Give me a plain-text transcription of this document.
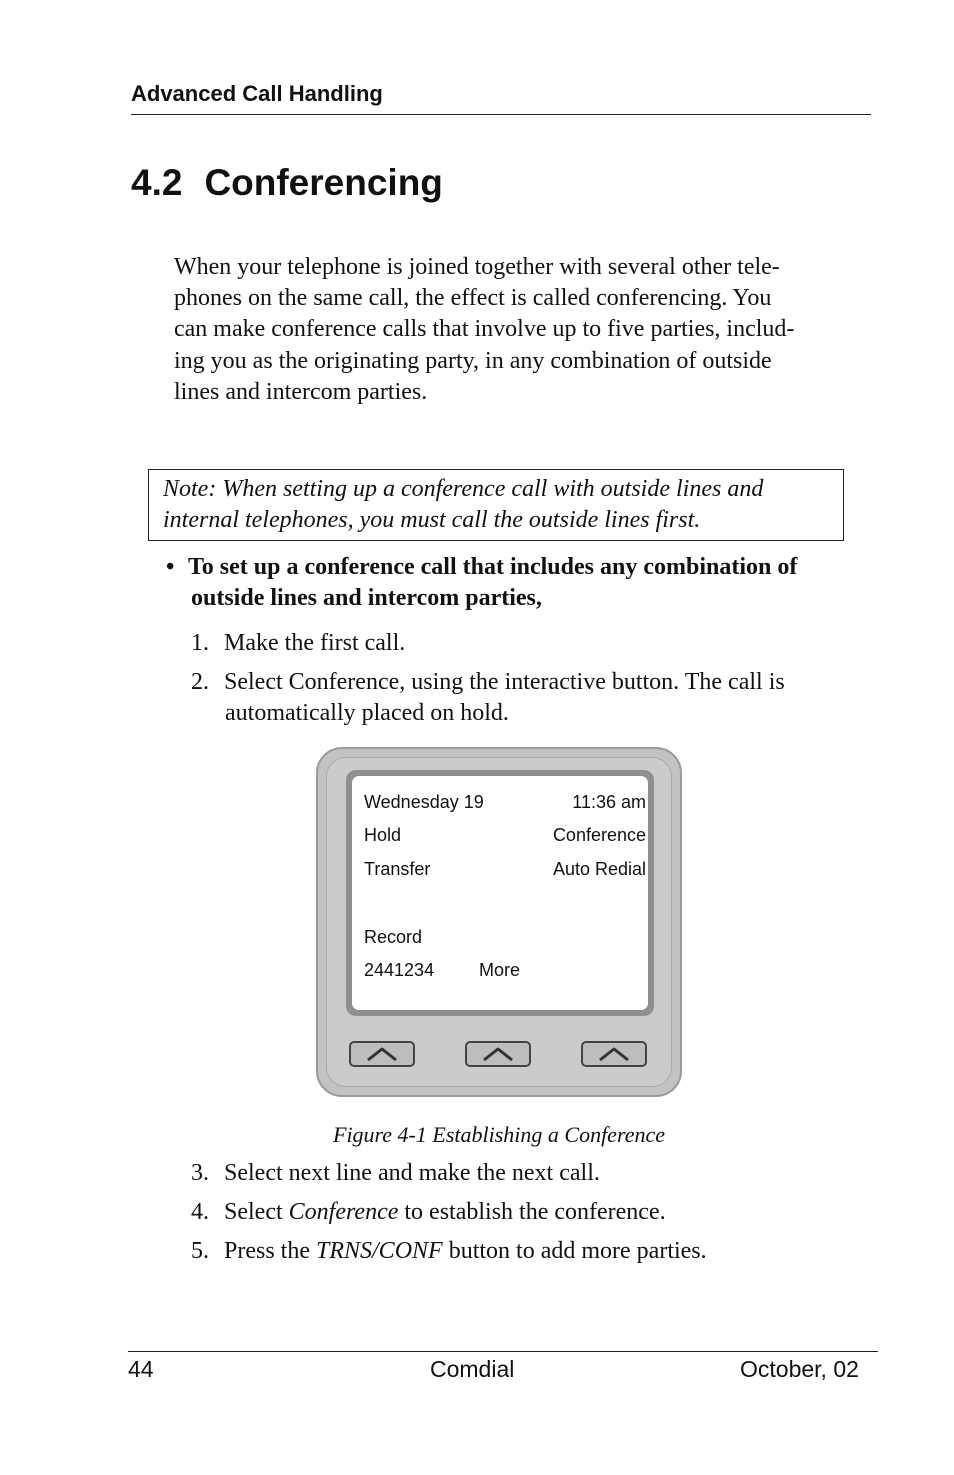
Advanced Call Handling
4.2 Conferencing
When your telephone is joined together with several other tele-
phones on the same call, the effect is called conferencing. You
can make conference calls that involve up to five parties, includ-
ing you as the originating party, in any combination of outside
lines and intercom parties.
Note: When setting up a conference call with outside lines and
internal telephones, you must call the outside lines first.
• To set up a conference call that includes any combination of
outside lines and intercom parties,
1. Make the first call.
2. Select Conference, using the interactive button. The call is
automatically placed on hold.
Wednesday 19	11:36 am
Hold	Conference
Transfer	Auto Redial
Record
2441234 More
Figure 4-1 Establishing a Conference
3. Select next line and make the next call.
4. Select Conference to establish the conference.
5. Press the TRNS/CONF button to add more parties.
44	Comdial	October, 02
